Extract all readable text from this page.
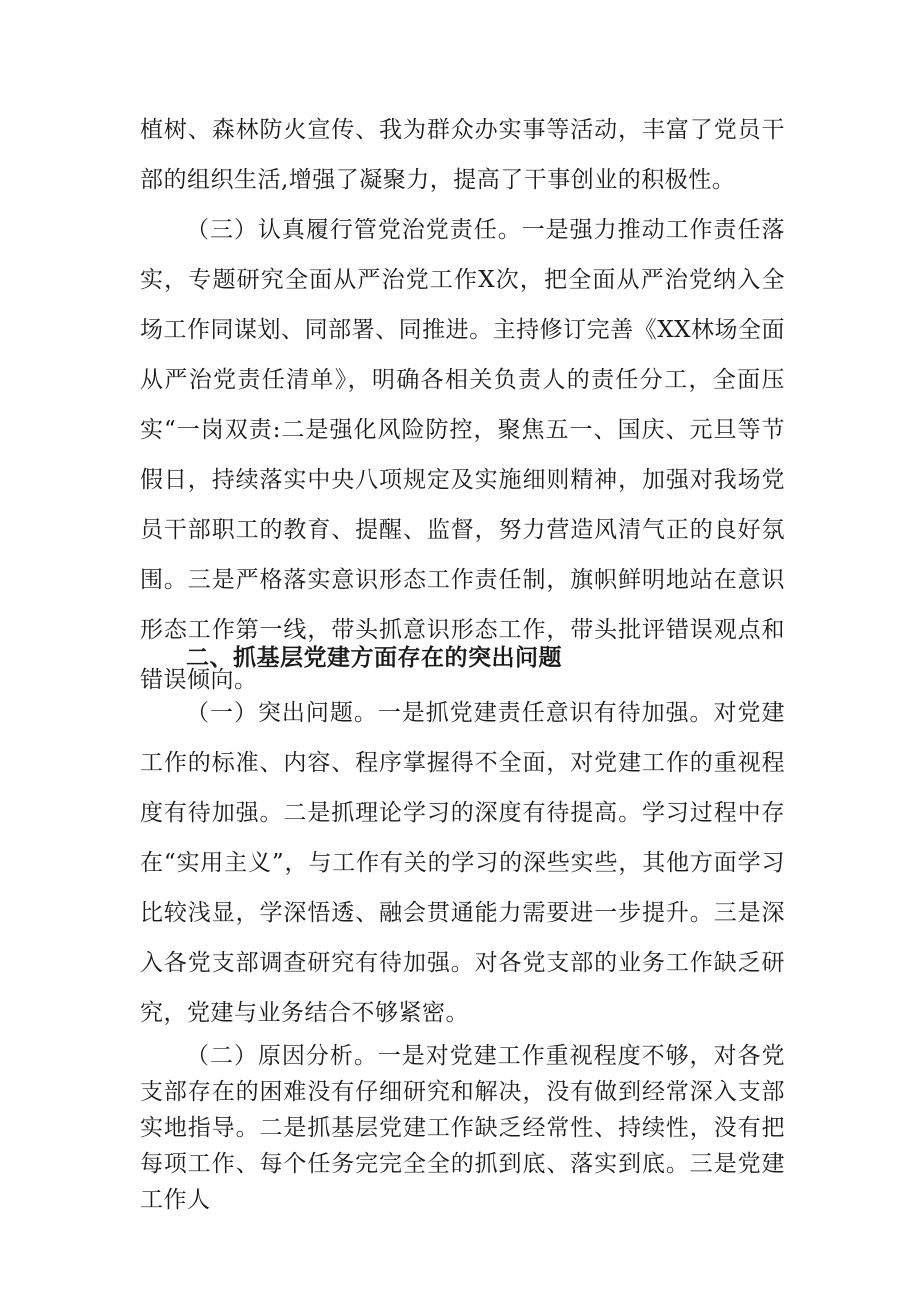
植树、森林防火宣传、我为群众办实事等活动，丰富了党员干部的组织生活,增强了凝聚力，提高了干事创业的积极性。

（三）认真履行管党治党责任。一是强力推动工作责任落实，专题研究全面从严治党工作X次，把全面从严治党纳入全场工作同谋划、同部署、同推进。主持修订完善《XX林场全面从严治党责任清单》，明确各相关负责人的责任分工，全面压实“一岗双责:二是强化风险防控，聚焦五一、国庆、元旦等节假日，持续落实中央八项规定及实施细则精神，加强对我场党员干部职工的教育、提醒、监督，努力营造风清气正的良好氛围。三是严格落实意识形态工作责任制，旗帜鲜明地站在意识形态工作第一线，带头抓意识形态工作，带头批评错误观点和错误倾向。

二、抓基层党建方面存在的突出问题

（一）突出问题。一是抓党建责任意识有待加强。对党建工作的标准、内容、程序掌握得不全面，对党建工作的重视程度有待加强。二是抓理论学习的深度有待提高。学习过程中存在“实用主义”，与工作有关的学习的深些实些，其他方面学习比较浅显，学深悟透、融会贯通能力需要进一步提升。三是深入各党支部调查研究有待加强。对各党支部的业务工作缺乏研究，党建与业务结合不够紧密。

（二）原因分析。一是对党建工作重视程度不够，对各党支部存在的困难没有仔细研究和解决，没有做到经常深入支部实地指导。二是抓基层党建工作缺乏经常性、持续性，没有把每项工作、每个任务完完全全的抓到底、落实到底。三是党建工作人
